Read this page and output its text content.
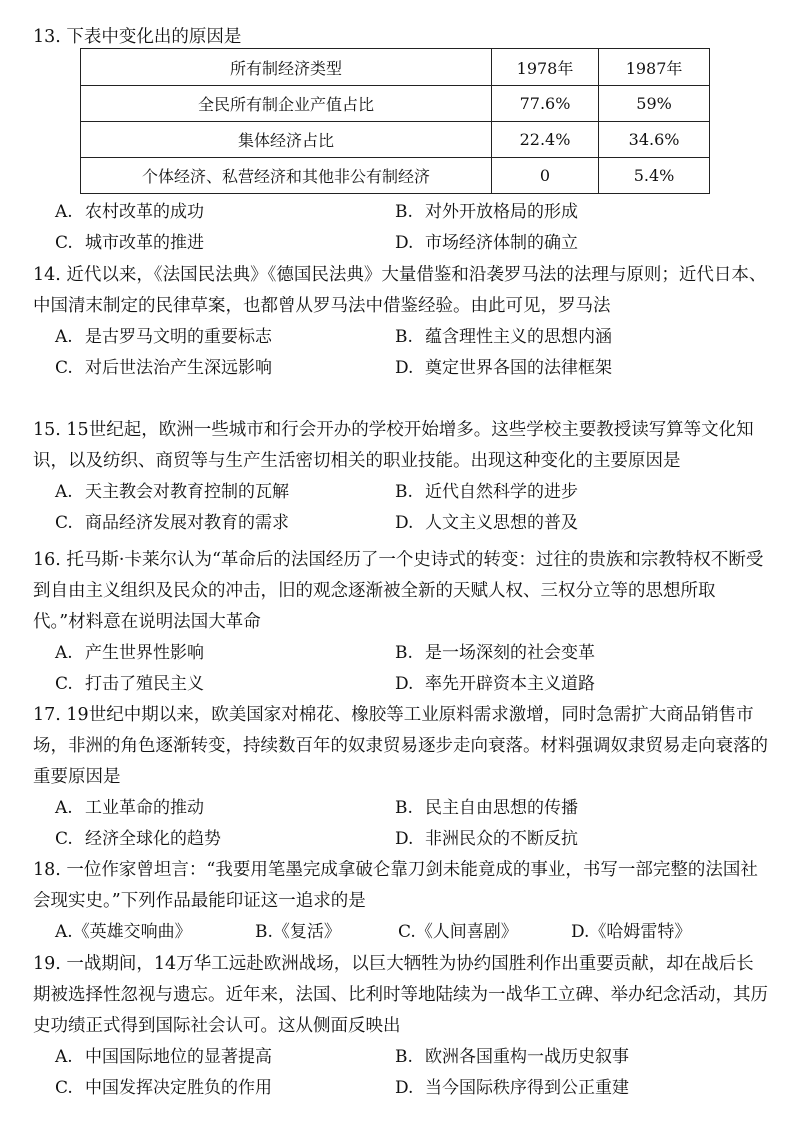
13. 下表中变化出的原因是

所有制经济类型	1978年	1987年
全民所有制企业产值占比	77.6%	59%
集体经济占比	22.4%	34.6%
个体经济、私营经济和其他非公有制经济	0	5.4%
A. 农村改革的成功	B. 对外开放格局的形成
C. 城市改革的推进	D. 市场经济体制的确立

14. 近代以来，《法国民法典》《德国民法典》大量借鉴和沿袭罗马法的法理与原则；近代日本、中国清末制定的民律草案，也都曾从罗马法中借鉴经验。由此可见，罗马法

A. 是古罗马文明的重要标志	B. 蕴含理性主义的思想内涵
C. 对后世法治产生深远影响	D. 奠定世界各国的法律框架

15. 15世纪起，欧洲一些城市和行会开办的学校开始增多。这些学校主要教授读写算等文化知识，以及纺织、商贸等与生产生活密切相关的职业技能。出现这种变化的主要原因是

A. 天主教会对教育控制的瓦解	B. 近代自然科学的进步
C. 商品经济发展对教育的需求	D. 人文主义思想的普及

16. 托马斯·卡莱尔认为“革命后的法国经历了一个史诗式的转变：过往的贵族和宗教特权不断受到自由主义组织及民众的冲击，旧的观念逐渐被全新的天赋人权、三权分立等的思想所取代。”材料意在说明法国大革命

A. 产生世界性影响	B. 是一场深刻的社会变革
C. 打击了殖民主义	D. 率先开辟资本主义道路

17. 19世纪中期以来，欧美国家对棉花、橡胶等工业原料需求激增，同时急需扩大商品销售市场，非洲的角色逐渐转变，持续数百年的奴隶贸易逐步走向衰落。材料强调奴隶贸易走向衰落的重要原因是

A. 工业革命的推动	B. 民主自由思想的传播
C. 经济全球化的趋势	D. 非洲民众的不断反抗

18. 一位作家曾坦言：“我要用笔墨完成拿破仑靠刀剑未能竟成的事业，书写一部完整的法国社会现实史。”下列作品最能印证这一追求的是

A.《英雄交响曲》	B.《复活》	C.《人间喜剧》	D.《哈姆雷特》

19. 一战期间，14万华工远赴欧洲战场，以巨大牺牲为协约国胜利作出重要贡献，却在战后长期被选择性忽视与遗忘。近年来，法国、比利时等地陆续为一战华工立碑、举办纪念活动，其历史功绩正式得到国际社会认可。这从侧面反映出

A. 中国国际地位的显著提高	B. 欧洲各国重构一战历史叙事
C. 中国发挥决定胜负的作用	D. 当今国际秩序得到公正重建
